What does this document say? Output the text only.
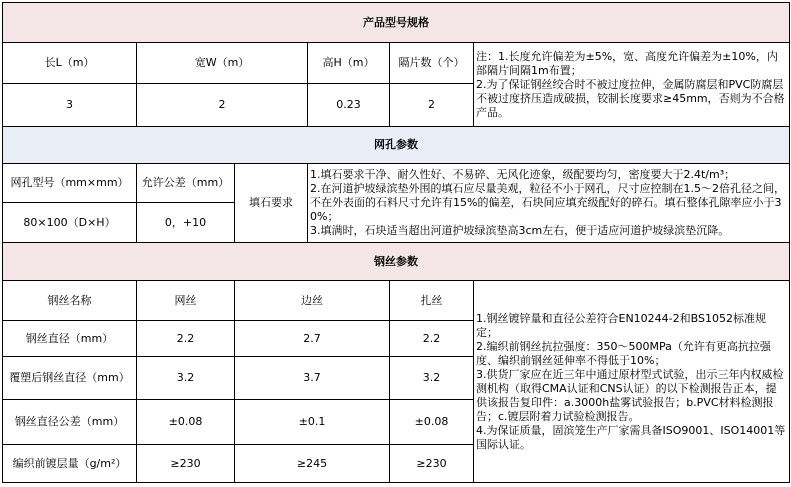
产品型号规格					
长L（m）	宽W（m）		高H（m）	隔片数（个）	注：1.长度允许偏差为±5%，宽、高度允许偏差为±10%，内部隔片间隔1m布置；

2.为了保证钢丝绞合时不被过度拉伸，金属防腐层和PVC防腐层不被过度挤压造成破损，铰制长度要求≥45mm，否则为不合格产品。

3	2		0.23	2	
网孔参数					
网孔型号（mm×mm）	允许公差（mm）	填石要求	1.填石要求干净、耐久性好、不易碎、无风化迹象，级配要均匀，密度要大于2.4t/m³；

2.在河道护坡绿滨垫外围的填石应尽量美观，粒径不小于网孔，尺寸应控制在1.5～2倍孔径之间，不在外表面的石料尺寸允许有15%的偏差，石块间应填充级配好的碎石。填石整体孔隙率应小于30%；

3.填满时，石块适当超出河道护坡绿滨垫高3cm左右，便于适应河道护坡绿滨垫沉降。		

80×100（D×H）	0，+10				
钢丝参数					
钢丝名称	网丝	边丝		扎丝	1.钢丝镀锌量和直径公差符合EN10244-2和BS1052标准规定；

2.编织前钢丝抗拉强度：350～500MPa（允许有更高抗拉强度、编织前钢丝延伸率不得低于10%；

3.供货厂家应在近三年中通过原材型式试验，出示三年内权威检测机构（取得CMA认证和CNS认证）的以下检测报告正本，提供该报告复印件：a.3000h盐雾试验报告；b.PVC材料检测报告；c.镀层附着力试验检测报告。

4.为保证质量，固滨笼生产厂家需具备ISO9001、ISO14001等国际认证。

钢丝直径（mm）	2.2	2.7		2.2	
覆塑后钢丝直径（mm）	3.2	3.7		3.2	
钢丝直径公差（mm）	±0.08	±0.1		±0.08	
编织前镀层量（g/m²）	≥230	≥245		≥230	
